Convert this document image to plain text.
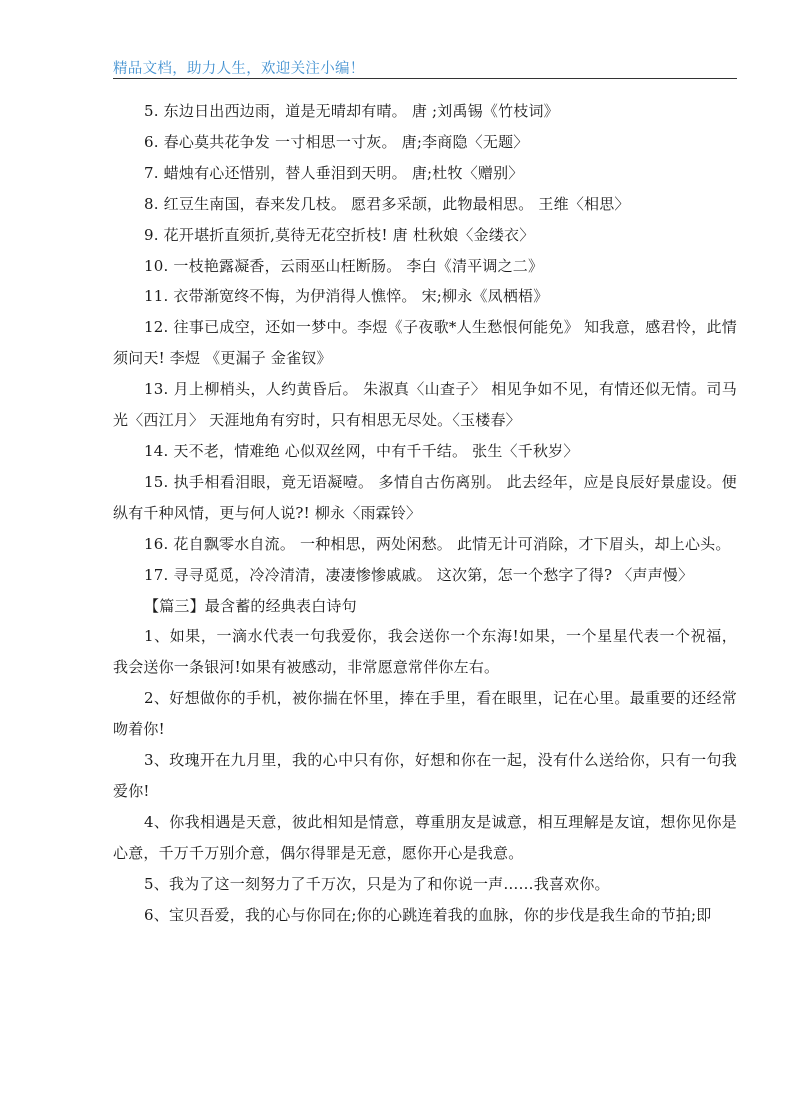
精品文档，助力人生，欢迎关注小编！

5. 东边日出西边雨，道是无晴却有晴。 唐 ;刘禹锡《竹枝词》

6. 春心莫共花争发 一寸相思一寸灰。 唐;李商隐〈无题〉

7. 蜡烛有心还惜别，替人垂泪到天明。 唐;杜牧〈赠别〉

8. 红豆生南国，春来发几枝。 愿君多采颉，此物最相思。 王维〈相思〉

9. 花开堪折直须折,莫待无花空折枝! 唐 杜秋娘〈金缕衣〉

10. 一枝艳露凝香，云雨巫山枉断肠。 李白《清平调之二》

11. 衣带渐宽终不悔，为伊消得人憔悴。 宋;柳永《凤栖梧》

12. 往事已成空，还如一梦中。李煜《子夜歌*人生愁恨何能免》 知我意，感君怜，此情须问天! 李煜 《更漏子 金雀钗》

13. 月上柳梢头，人约黄昏后。 朱淑真〈山查子〉 相见争如不见，有情还似无情。司马光〈西江月〉 天涯地角有穷时，只有相思无尽处。〈玉楼春〉

14. 天不老，情难绝 心似双丝网，中有千千结。 张生〈千秋岁〉

15. 执手相看泪眼，竟无语凝噎。 多情自古伤离别。 此去经年，应是良辰好景虚设。便纵有千种风情，更与何人说?! 柳永〈雨霖铃〉

16. 花自飘零水自流。 一种相思，两处闲愁。 此情无计可消除，才下眉头，却上心头。

17. 寻寻觅觅，冷冷清清，凄凄惨惨戚戚。 这次第，怎一个愁字了得? 〈声声慢〉

【篇三】最含蓄的经典表白诗句

1、如果，一滴水代表一句我爱你，我会送你一个东海!如果，一个星星代表一个祝福，我会送你一条银河!如果有被感动，非常愿意常伴你左右。

2、好想做你的手机，被你揣在怀里，捧在手里，看在眼里，记在心里。最重要的还经常吻着你!

3、玫瑰开在九月里，我的心中只有你，好想和你在一起，没有什么送给你，只有一句我爱你!

4、你我相遇是天意，彼此相知是情意，尊重朋友是诚意，相互理解是友谊，想你见你是心意，千万千万别介意，偶尔得罪是无意，愿你开心是我意。

5、我为了这一刻努力了千万次，只是为了和你说一声……我喜欢你。

6、宝贝吾爱，我的心与你同在;你的心跳连着我的血脉，你的步伐是我生命的节拍;即
